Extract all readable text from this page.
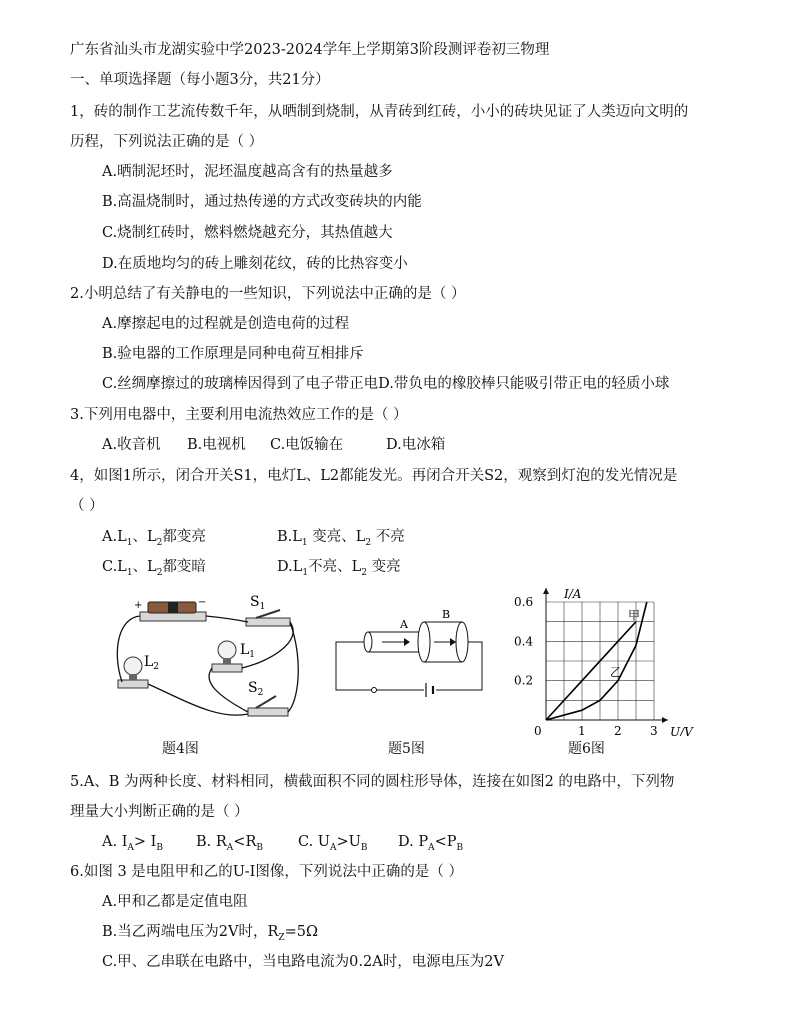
广东省汕头市龙湖实验中学2023-2024学年上学期第3阶段测评卷初三物理
一、单项选择题（每小题3分，共21分）
1，砖的制作工艺流传数千年，从晒制到烧制，从青砖到红砖，小小的砖块见证了人类迈向文明的
历程，下列说法正确的是（ ）
A.晒制泥坯时，泥坯温度越高含有的热量越多
B.高温烧制时，通过热传递的方式改变砖块的内能
C.烧制红砖时，燃料燃烧越充分，其热值越大
D.在质地均匀的砖上雕刻花纹，砖的比热容变小
2.小明总结了有关静电的一些知识，下列说法中正确的是（ ）
A.摩擦起电的过程就是创造电荷的过程
B.验电器的工作原理是同种电荷互相排斥
C.丝绸摩擦过的玻璃棒因得到了电子带正电D.带负电的橡胶棒只能吸引带正电的轻质小球
3.下列用电器中，主要利用电流热效应工作的是（ ）
A.收音机 B.电视机 C.电饭输在	D.电冰箱
4，如图1所示，闭合开关S1，电灯L、L2都能发光。再闭合开关S2，观察到灯泡的发光情况是
（ ）
$A.L_1$、$L_2$都变亮	$B.L_1$ 变亮、$L_2$ 不亮
$C.L_1$、$L_2$都变暗	$D.L_1$不亮、$L_2$ 变亮
+	−	$S_1$
$L_2$
$L_1$
$S_2$
题4图
A
B
题5图
0	1 2 3
0.2
0.4
0.6
U/V
I/A
甲
乙
题6图
5.A、B 为两种长度、材料相同，横截面积不同的圆柱形导体，连接在如图2 的电路中，下列物
理量大小判断正确的是（ ）
A. $I_A> I_B$ B. $R_A<R_B$ C. $U_A>U_B$ D. $P_A<P_B$
6.如图 3 是电阻甲和乙的U-I图像，下列说法中正确的是（ ）
A.甲和乙都是定值电阻
B.当乙两端电压为2V时，$R_Z=5\Omega$
C.甲、乙串联在电路中，当电路电流为0.2A时，电源电压为2V
